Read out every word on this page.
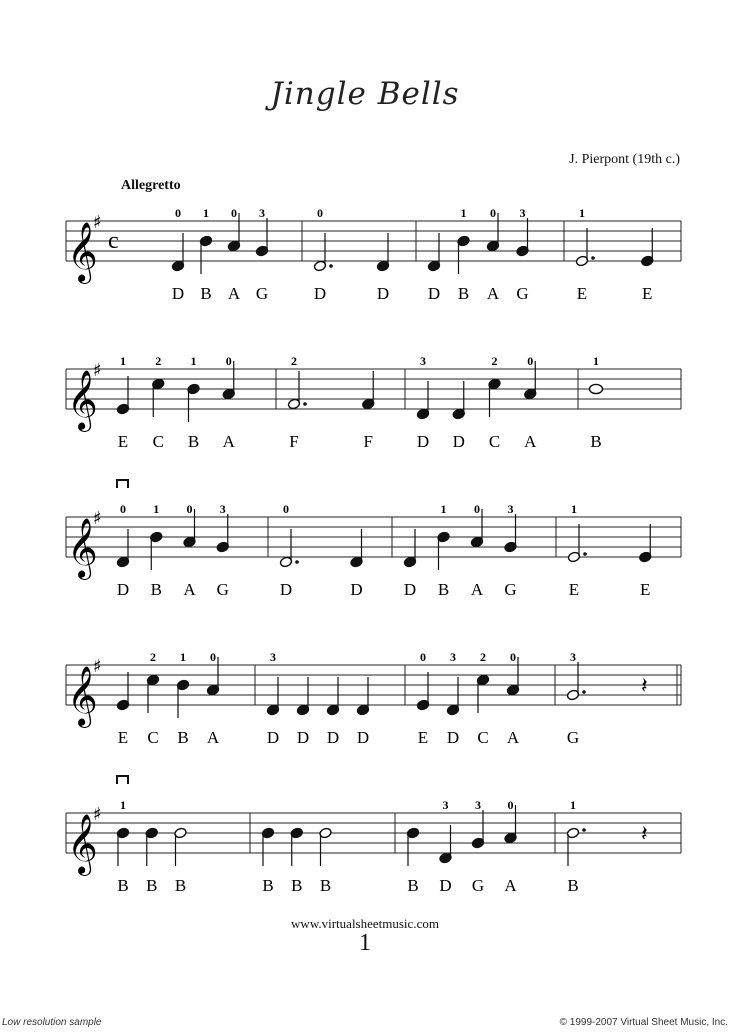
Jingle Bells
J. Pierpont (19th c.)
Allegretto
𝄞
♯
c
0
D
1
B
0
A
3
G
0
D	D D
1
B
0
A
3
G
1
E	E
𝄞
♯ 1
E
2
C
1
B
0
A
2
F	F
3
D D
2
C
0
A
1
B
𝄞
♯ 0
D
1
B
0
A
3
G
0
D	D D
1
B
0
A
3
G
1
E	E
𝄞
♯
E
2
C
1
B
0
A
3
D D D D
0
E
3
D
2
C
0
A
3
G
𝄽
𝄞
♯ 1
B B B	B B B	B
3
D
3
G
0
A
1
B
𝄽
www.virtualsheetmusic.com
1
Low resolution sample	© 1999-2007 Virtual Sheet Music, Inc.
